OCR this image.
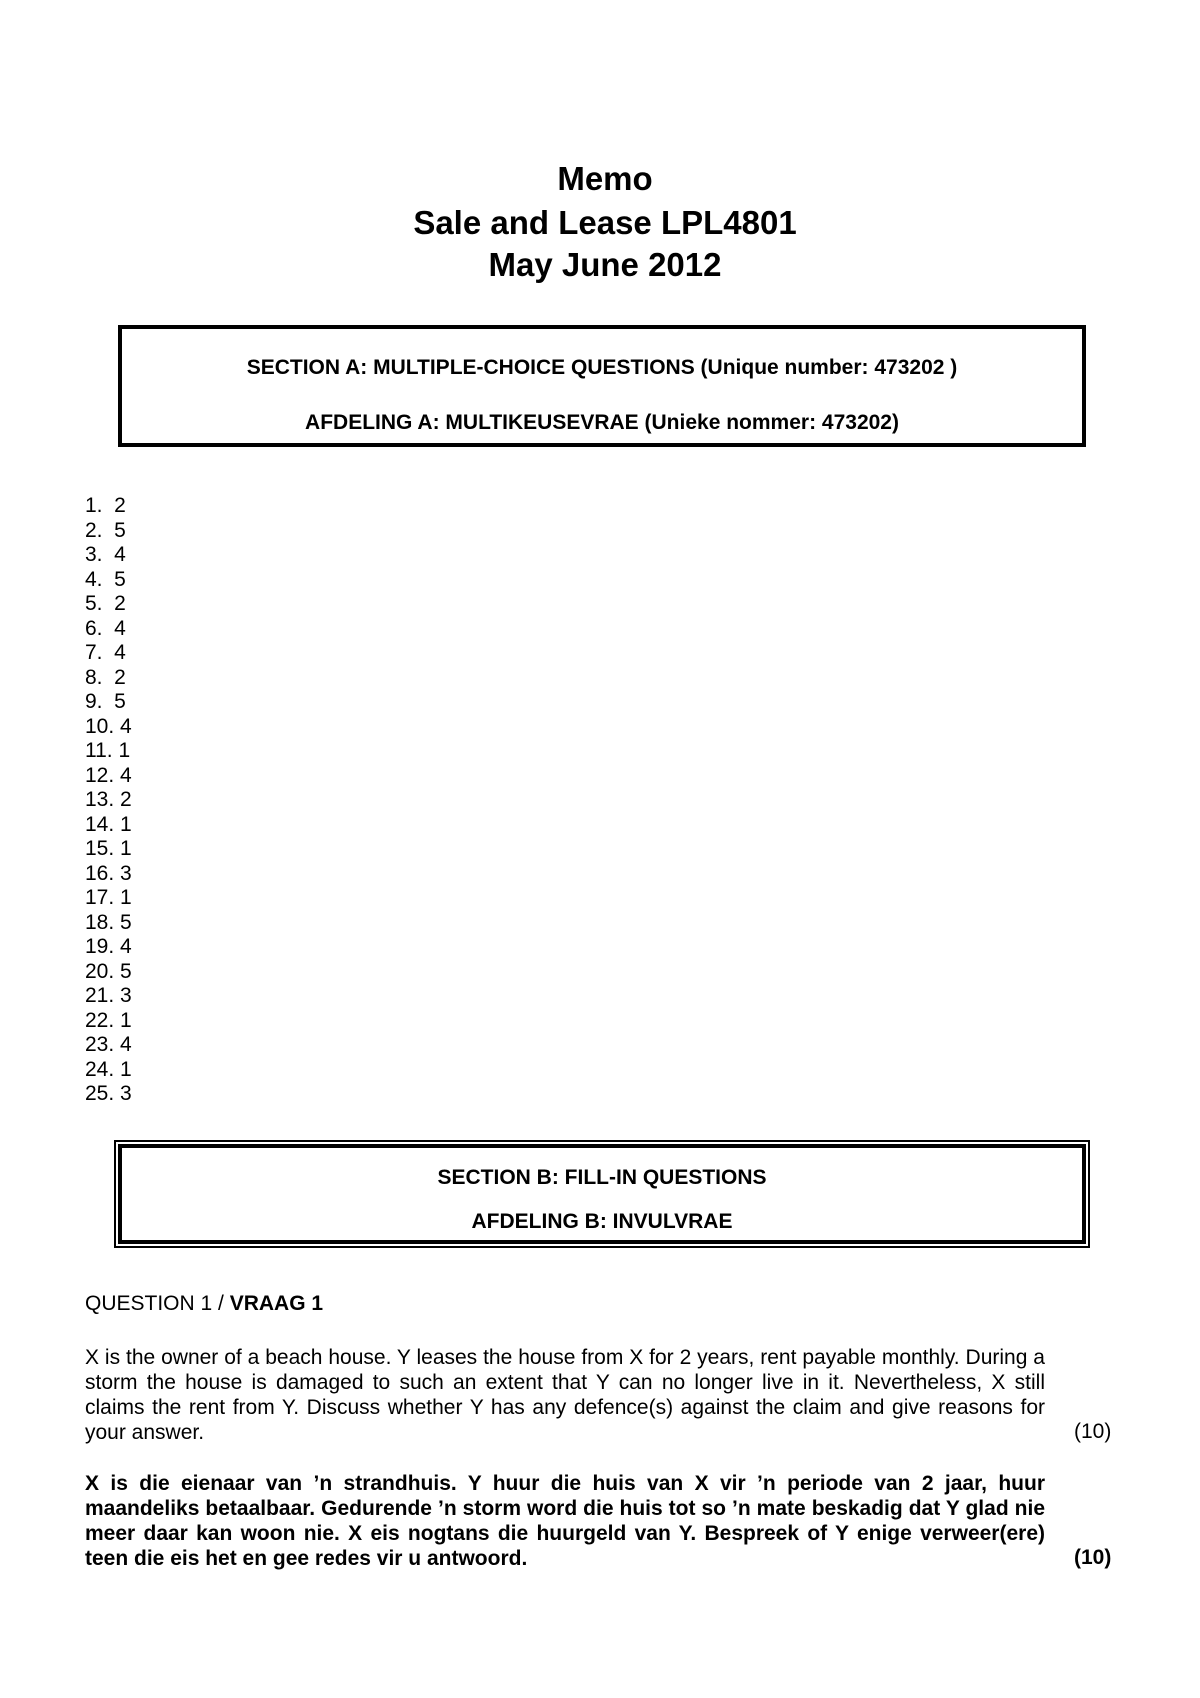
Memo
Sale and Lease LPL4801
May June 2012
SECTION A: MULTIPLE-CHOICE QUESTIONS (Unique number: 473202 )
AFDELING A: MULTIKEUSEVRAE (Unieke nommer: 473202)
1.  2
2.  5
3.  4
4.  5
5.  2
6.  4
7.  4
8.  2
9.  5
10. 4
11. 1
12. 4
13. 2
14. 1
15. 1
16. 3
17. 1
18. 5
19. 4
20. 5
21. 3
22. 1
23. 4
24. 1
25. 3
SECTION B: FILL-IN QUESTIONS
AFDELING B: INVULVRAE
QUESTION 1 / VRAAG 1
X is the owner of a beach house. Y leases the house from X for 2 years, rent payable monthly. During a storm the house is damaged to such an extent that Y can no longer live in it. Nevertheless, X still claims the rent from Y. Discuss whether Y has any defence(s) against the claim and give reasons for your answer.	(10)
X is die eienaar van ’n strandhuis. Y huur die huis van X vir ’n periode van 2 jaar, huur maandeliks betaalbaar. Gedurende ’n storm word die huis tot so ’n mate beskadig dat Y glad nie meer daar kan woon nie. X eis nogtans die huurgeld van Y. Bespreek of Y enige verweer(ere) teen die eis het en gee redes vir u antwoord.	(10)
